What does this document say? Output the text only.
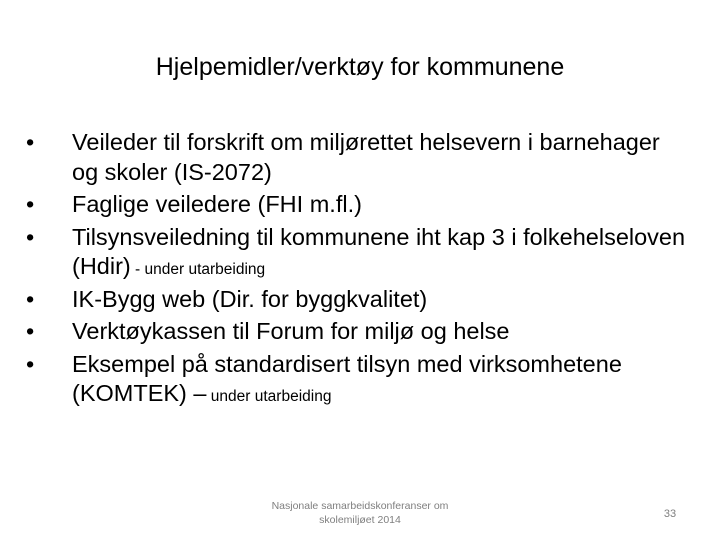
Hjelpemidler/verktøy for kommunene
• Veileder til forskrift om miljørettet helsevern i barnehager og skoler (IS-2072)
• Faglige veiledere (FHI m.fl.)
• Tilsynsveiledning til kommunene iht kap 3 i folkehelseloven (Hdir) - under utarbeiding
• IK-Bygg web (Dir. for byggkvalitet)
• Verktøykassen til Forum for miljø og helse
• Eksempel på standardisert tilsyn med virksomhetene (KOMTEK) – under utarbeiding
Nasjonale samarbeidskonferanser om
skolemiljøet 2014	33
